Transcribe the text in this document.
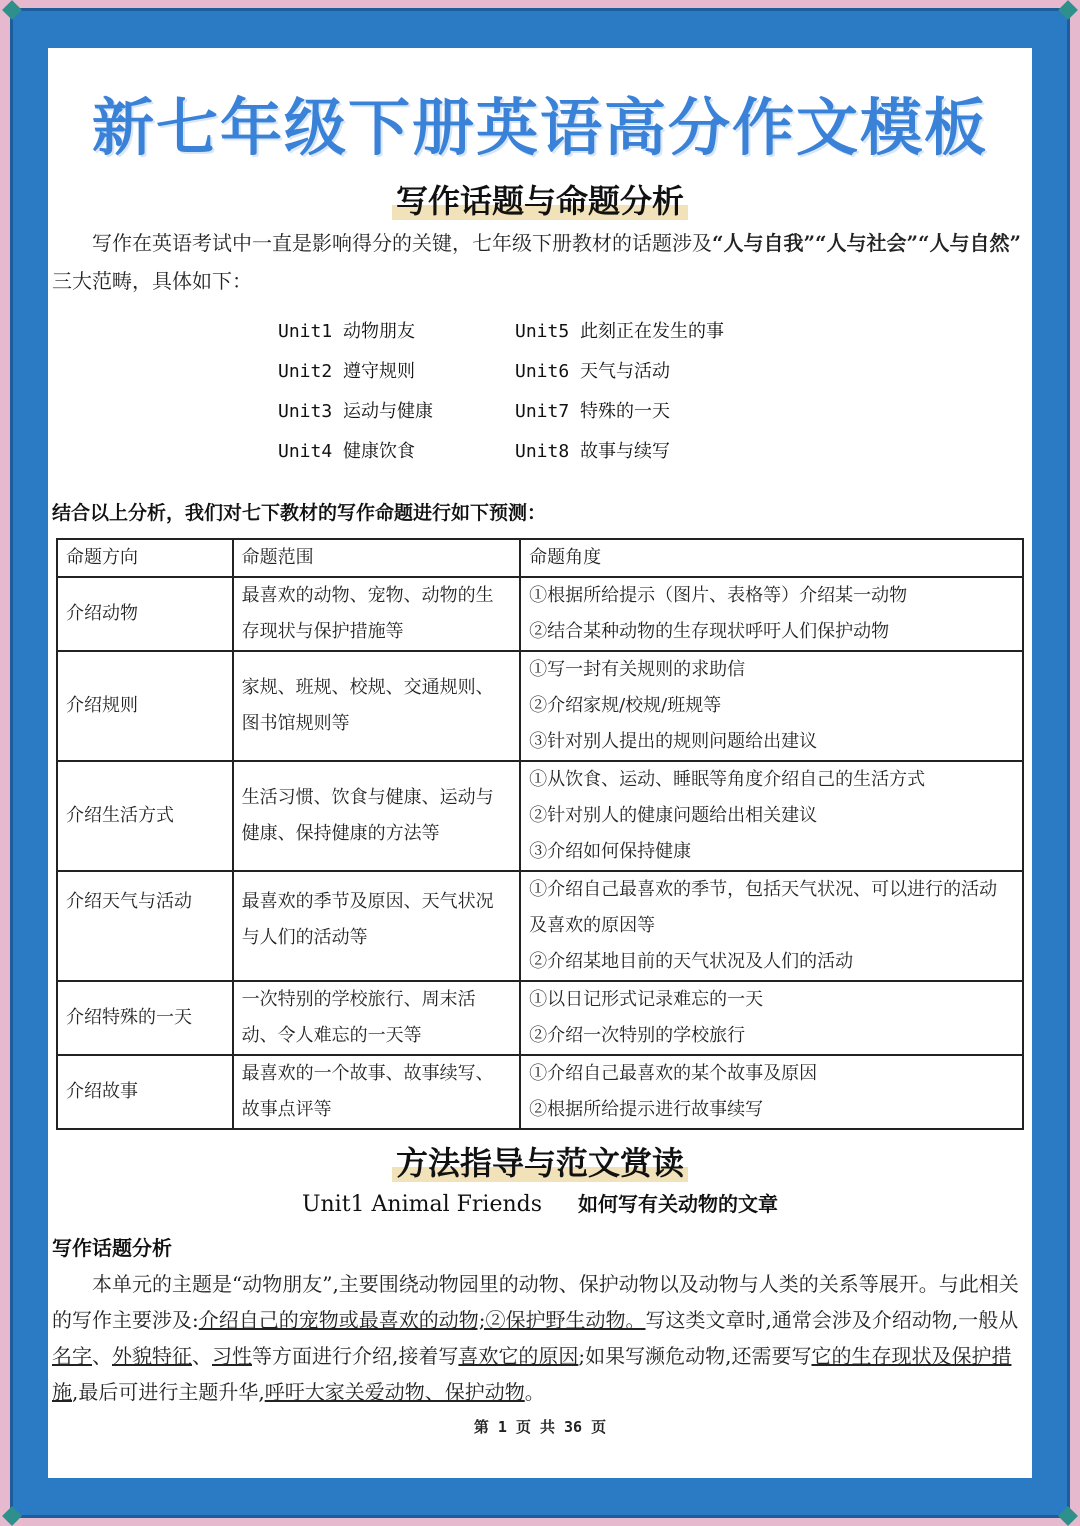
新七年级下册英语高分作文模板
写作话题与命题分析
写作在英语考试中一直是影响得分的关键，七年级下册教材的话题涉及“人与自我”“人与社会”“人与自然” 三大范畴，具体如下：
Unit1 动物朋友	Unit5 此刻正在发生的事
Unit2 遵守规则	Unit6 天气与活动
Unit3 运动与健康	Unit7 特殊的一天
Unit4 健康饮食	Unit8 故事与续写
结合以上分析，我们对七下教材的写作命题进行如下预测：
命题方向	命题范围	命题角度
介绍动物	最喜欢的动物、宠物、动物的生存现状与保护措施等	①根据所给提示（图片、表格等）介绍某一动物
②结合某种动物的生存现状呼吁人们保护动物

介绍规则	家规、班规、校规、交通规则、图书馆规则等	①写一封有关规则的求助信
②介绍家规/校规/班规等
③针对别人提出的规则问题给出建议

介绍生活方式	生活习惯、饮食与健康、运动与健康、保持健康的方法等	①从饮食、运动、睡眠等角度介绍自己的生活方式
②针对别人的健康问题给出相关建议
③介绍如何保持健康

介绍天气与活动	最喜欢的季节及原因、天气状况与人们的活动等	①介绍自己最喜欢的季节，包括天气状况、可以进行的活动及喜欢的原因等
②介绍某地目前的天气状况及人们的活动

介绍特殊的一天	一次特别的学校旅行、周末活动、令人难忘的一天等	①以日记形式记录难忘的一天
②介绍一次特别的学校旅行

介绍故事	最喜欢的一个故事、故事续写、故事点评等	①介绍自己最喜欢的某个故事及原因
②根据所给提示进行故事续写
方法指导与范文赏读
Unit1 Animal Friends 如何写有关动物的文章
写作话题分析
本单元的主题是“动物朋友”,主要围绕动物园里的动物、保护动物以及动物与人类的关系等展开。与此相关的写作主要涉及:介绍自己的宠物或最喜欢的动物;②保护野生动物。写这类文章时,通常会涉及介绍动物,一般从名字、外貌特征、习性等方面进行介绍,接着写喜欢它的原因;如果写濒危动物,还需要写它的生存现状及保护措施,最后可进行主题升华,呼吁大家关爱动物、保护动物。
第 1 页 共 36 页
